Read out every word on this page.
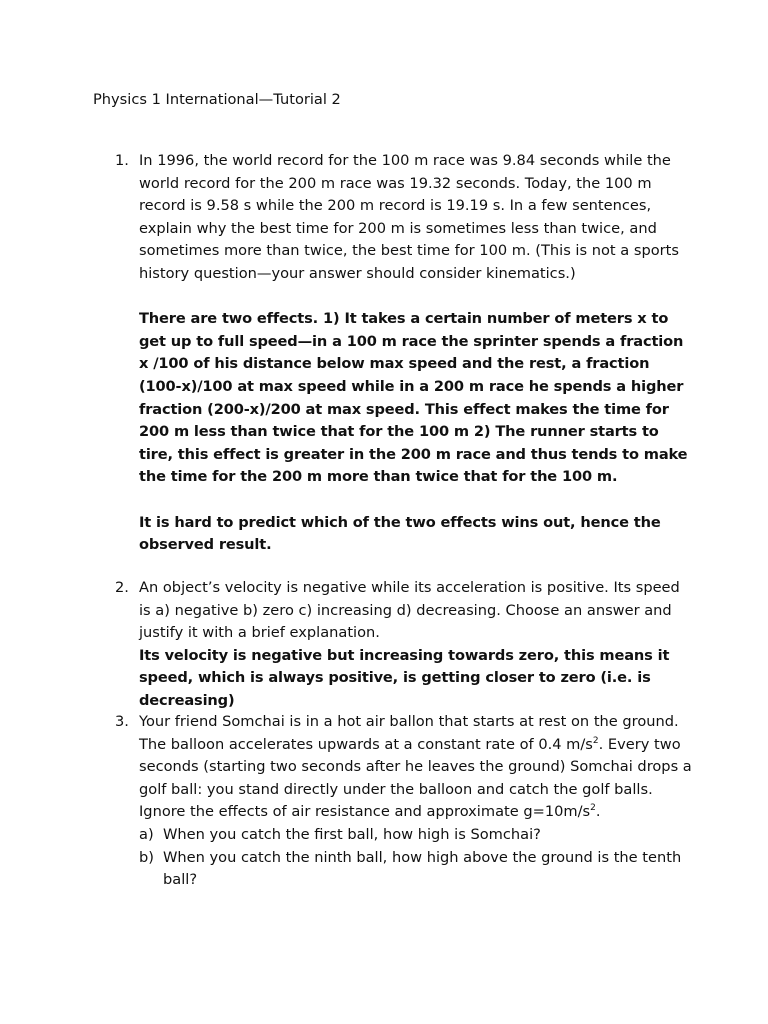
Physics 1 International—Tutorial 2
1. In 1996, the world record for the 100 m race was 9.84 seconds while the world record for the 200 m race was 19.32 seconds. Today, the 100 m record is 9.58 s while the 200 m record is 19.19 s. In a few sentences, explain why the best time for 200 m is sometimes less than twice, and sometimes more than twice, the best time for 100 m. (This is not a sports history question—your answer should consider kinematics.)

There are two effects. 1) It takes a certain number of meters x to get up to full speed—in a 100 m race the sprinter spends a fraction x /100 of his distance below max speed and the rest, a fraction (100-x)/100 at max speed while in a 200 m race he spends a higher fraction (200-x)/200 at max speed. This effect makes the time for 200 m less than twice that for the 100 m 2) The runner starts to tire, this effect is greater in the 200 m race and thus tends to make the time for the 200 m more than twice that for the 100 m.

It is hard to predict which of the two effects wins out, hence the observed result.

2. An object’s velocity is negative while its acceleration is positive. Its speed is a) negative b) zero c) increasing d) decreasing. Choose an answer and justify it with a brief explanation.

Its velocity is negative but increasing towards zero, this means it speed, which is always positive, is getting closer to zero (i.e. is decreasing)

3. Your friend Somchai is in a hot air ballon that starts at rest on the ground. The balloon accelerates upwards at a constant rate of 0.4 $m/s^2$. Every two seconds (starting two seconds after he leaves the ground) Somchai drops a golf ball: you stand directly under the balloon and catch the golf balls. Ignore the effects of air resistance and approximate $g=10m/s^2$.

a) When you catch the first ball, how high is Somchai?
b) When you catch the ninth ball, how high above the ground is the tenth ball?
